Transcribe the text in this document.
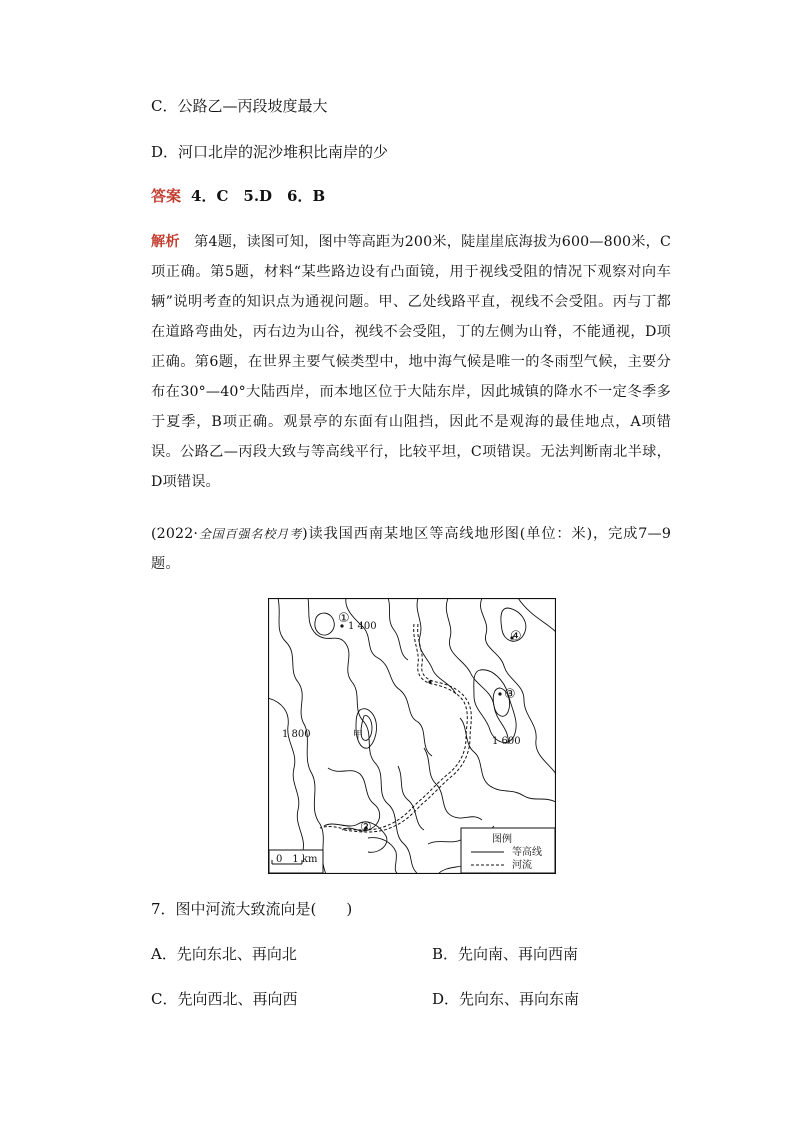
C．公路乙—丙段坡度最大
D．河口北岸的泥沙堆积比南岸的少
答案 4．C　5.D　6．B
解析　第4题，读图可知，图中等高距为200米，陡崖崖底海拔为600—800米，C项正确。第5题，材料“某些路边设有凸面镜，用于视线受阻的情况下观察对向车辆”说明考查的知识点为通视问题。甲、乙处线路平直，视线不会受阻。丙与丁都在道路弯曲处，丙右边为山谷，视线不会受阻，丁的左侧为山脊，不能通视，D项正确。第6题，在世界主要气候类型中，地中海气候是唯一的冬雨型气候，主要分布在30°—40°大陆西岸，而本地区位于大陆东岸，因此城镇的降水不一定冬季多于夏季，B项正确。观景亭的东面有山阻挡，因此不是观海的最佳地点，A项错误。公路乙—丙段大致与等高线平行，比较平坦，C项错误。无法判断南北半球，D项错误。
(2022·全国百强名校月考)读我国西南某地区等高线地形图(单位：米)，完成7—9题。
①
1 400
④
③
1 800	甲
1 600
②
图例
等高线
河流
0　1 km
7．图中河流大致流向是(　　)
A．先向东北、再向北	B．先向南、再向西南
C．先向西北、再向西	D．先向东、再向东南
